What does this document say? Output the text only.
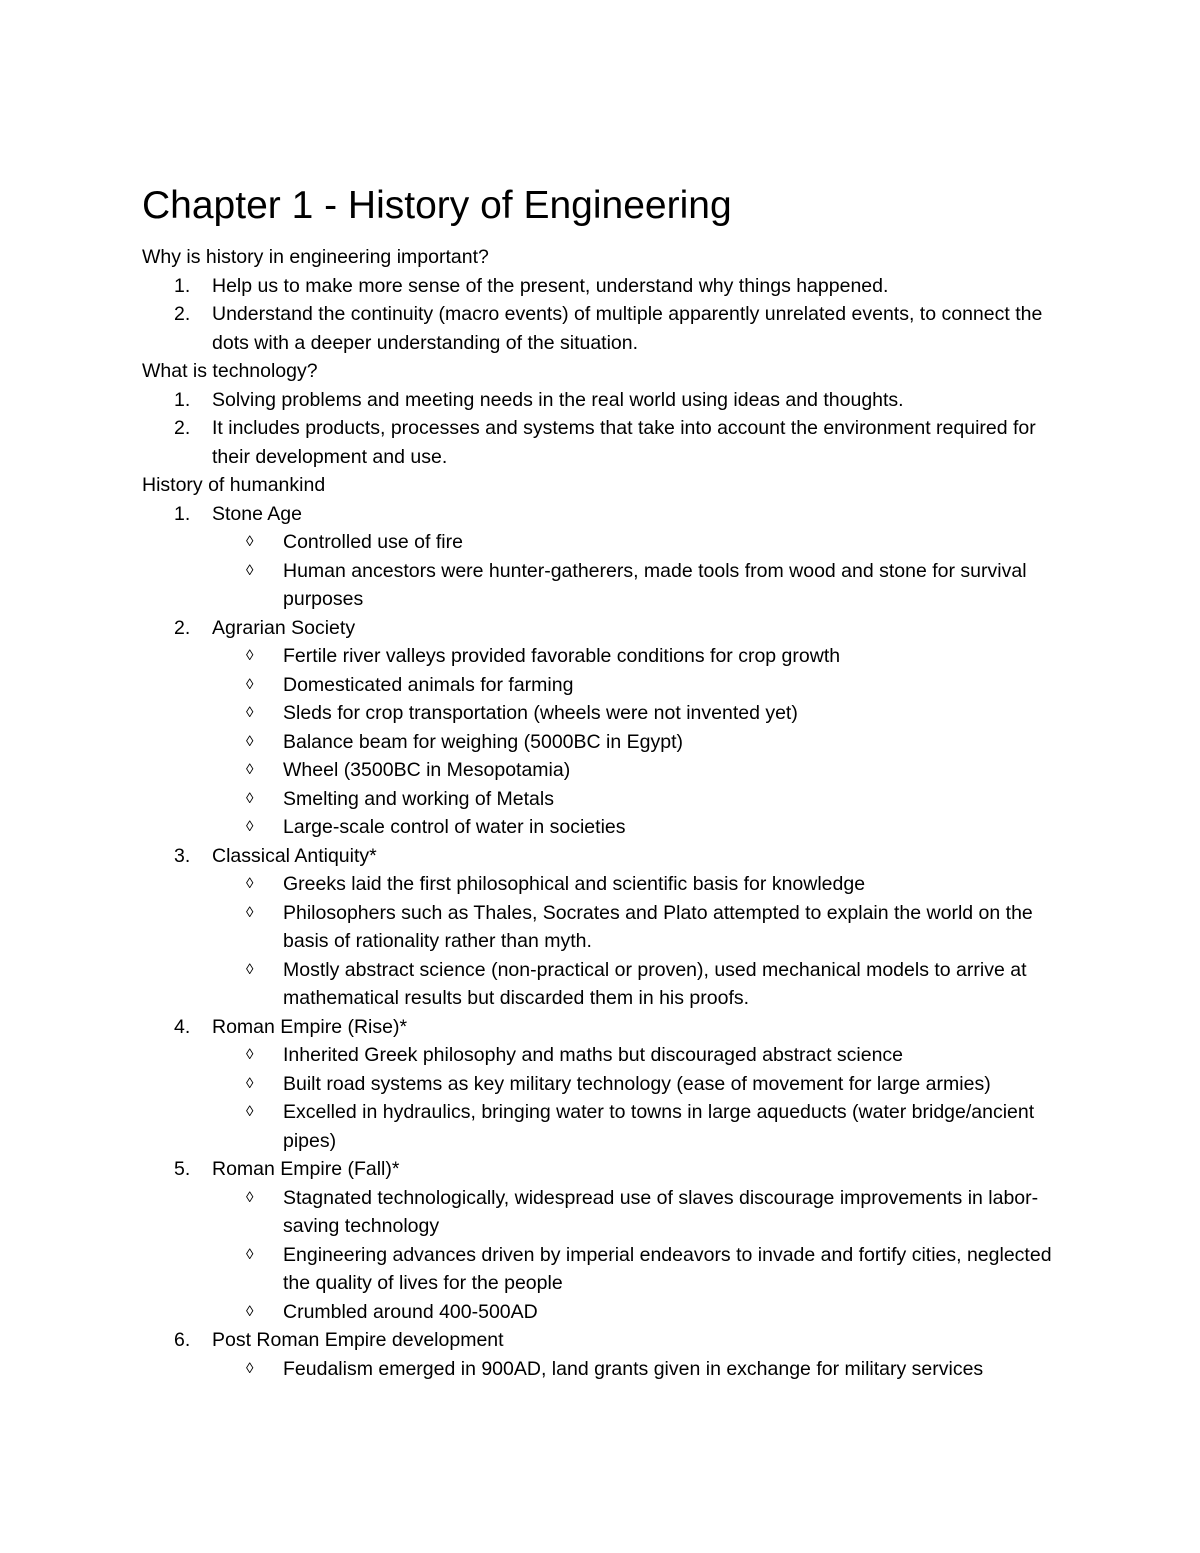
Chapter 1 - History of Engineering
Why is history in engineering important?
1. Help us to make more sense of the present, understand why things happened.
2. Understand the continuity (macro events) of multiple apparently unrelated events, to connect the dots with a deeper understanding of the situation.
What is technology?
1. Solving problems and meeting needs in the real world using ideas and thoughts.
2. It includes products, processes and systems that take into account the environment required for their development and use.
History of humankind
1. Stone Age
◊ Controlled use of fire
◊ Human ancestors were hunter-gatherers, made tools from wood and stone for survival purposes
2. Agrarian Society
◊ Fertile river valleys provided favorable conditions for crop growth
◊ Domesticated animals for farming
◊ Sleds for crop transportation (wheels were not invented yet)
◊ Balance beam for weighing (5000BC in Egypt)
◊ Wheel (3500BC in Mesopotamia)
◊ Smelting and working of Metals
◊ Large-scale control of water in societies
3. Classical Antiquity*
◊ Greeks laid the first philosophical and scientific basis for knowledge
◊ Philosophers such as Thales, Socrates and Plato attempted to explain the world on the basis of rationality rather than myth.
◊ Mostly abstract science (non-practical or proven), used mechanical models to arrive at mathematical results but discarded them in his proofs.
4. Roman Empire (Rise)*
◊ Inherited Greek philosophy and maths but discouraged abstract science
◊ Built road systems as key military technology (ease of movement for large armies)
◊ Excelled in hydraulics, bringing water to towns in large aqueducts (water bridge/ancient pipes)
5. Roman Empire (Fall)*
◊ Stagnated technologically, widespread use of slaves discourage improvements in labor-saving technology
◊ Engineering advances driven by imperial endeavors to invade and fortify cities, neglected the quality of lives for the people
◊ Crumbled around 400-500AD
6. Post Roman Empire development
◊ Feudalism emerged in 900AD, land grants given in exchange for military services
